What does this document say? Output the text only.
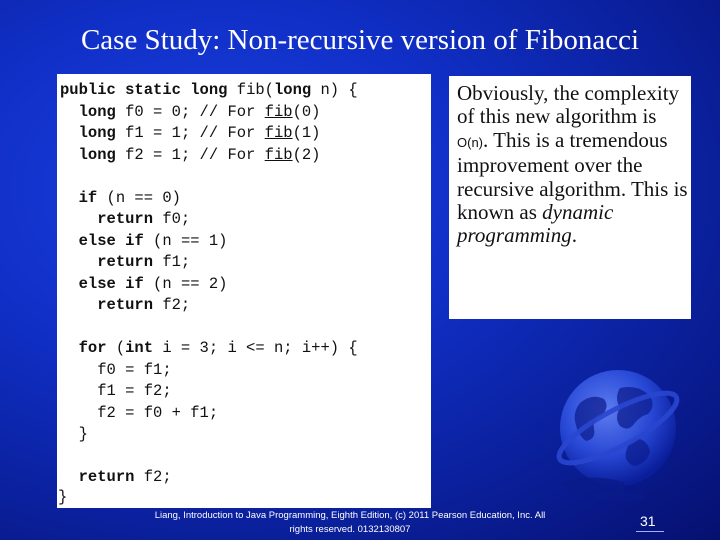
Case Study: Non-recursive version of Fibonacci
public static long fib(long n) {
long f0 = 0; // For fib(0)
long f1 = 1; // For fib(1)
long f2 = 1; // For fib(2)

if (n == 0)
return f0;
else if (n == 1)
return f1;
else if (n == 2)
return f2;

for (int i = 3; i <= n; i++) {
f0 = f1;
f1 = f2;
f2 = f0 + f1;
}

return f2;
}
Obviously, the complexity of this new algorithm is O(n). This is a tremendous improvement over the recursive algorithm. This is known as dynamic programming.
Liang, Introduction to Java Programming, Eighth Edition, (c) 2011 Pearson Education, Inc. All
rights reserved. 0132130807
31
